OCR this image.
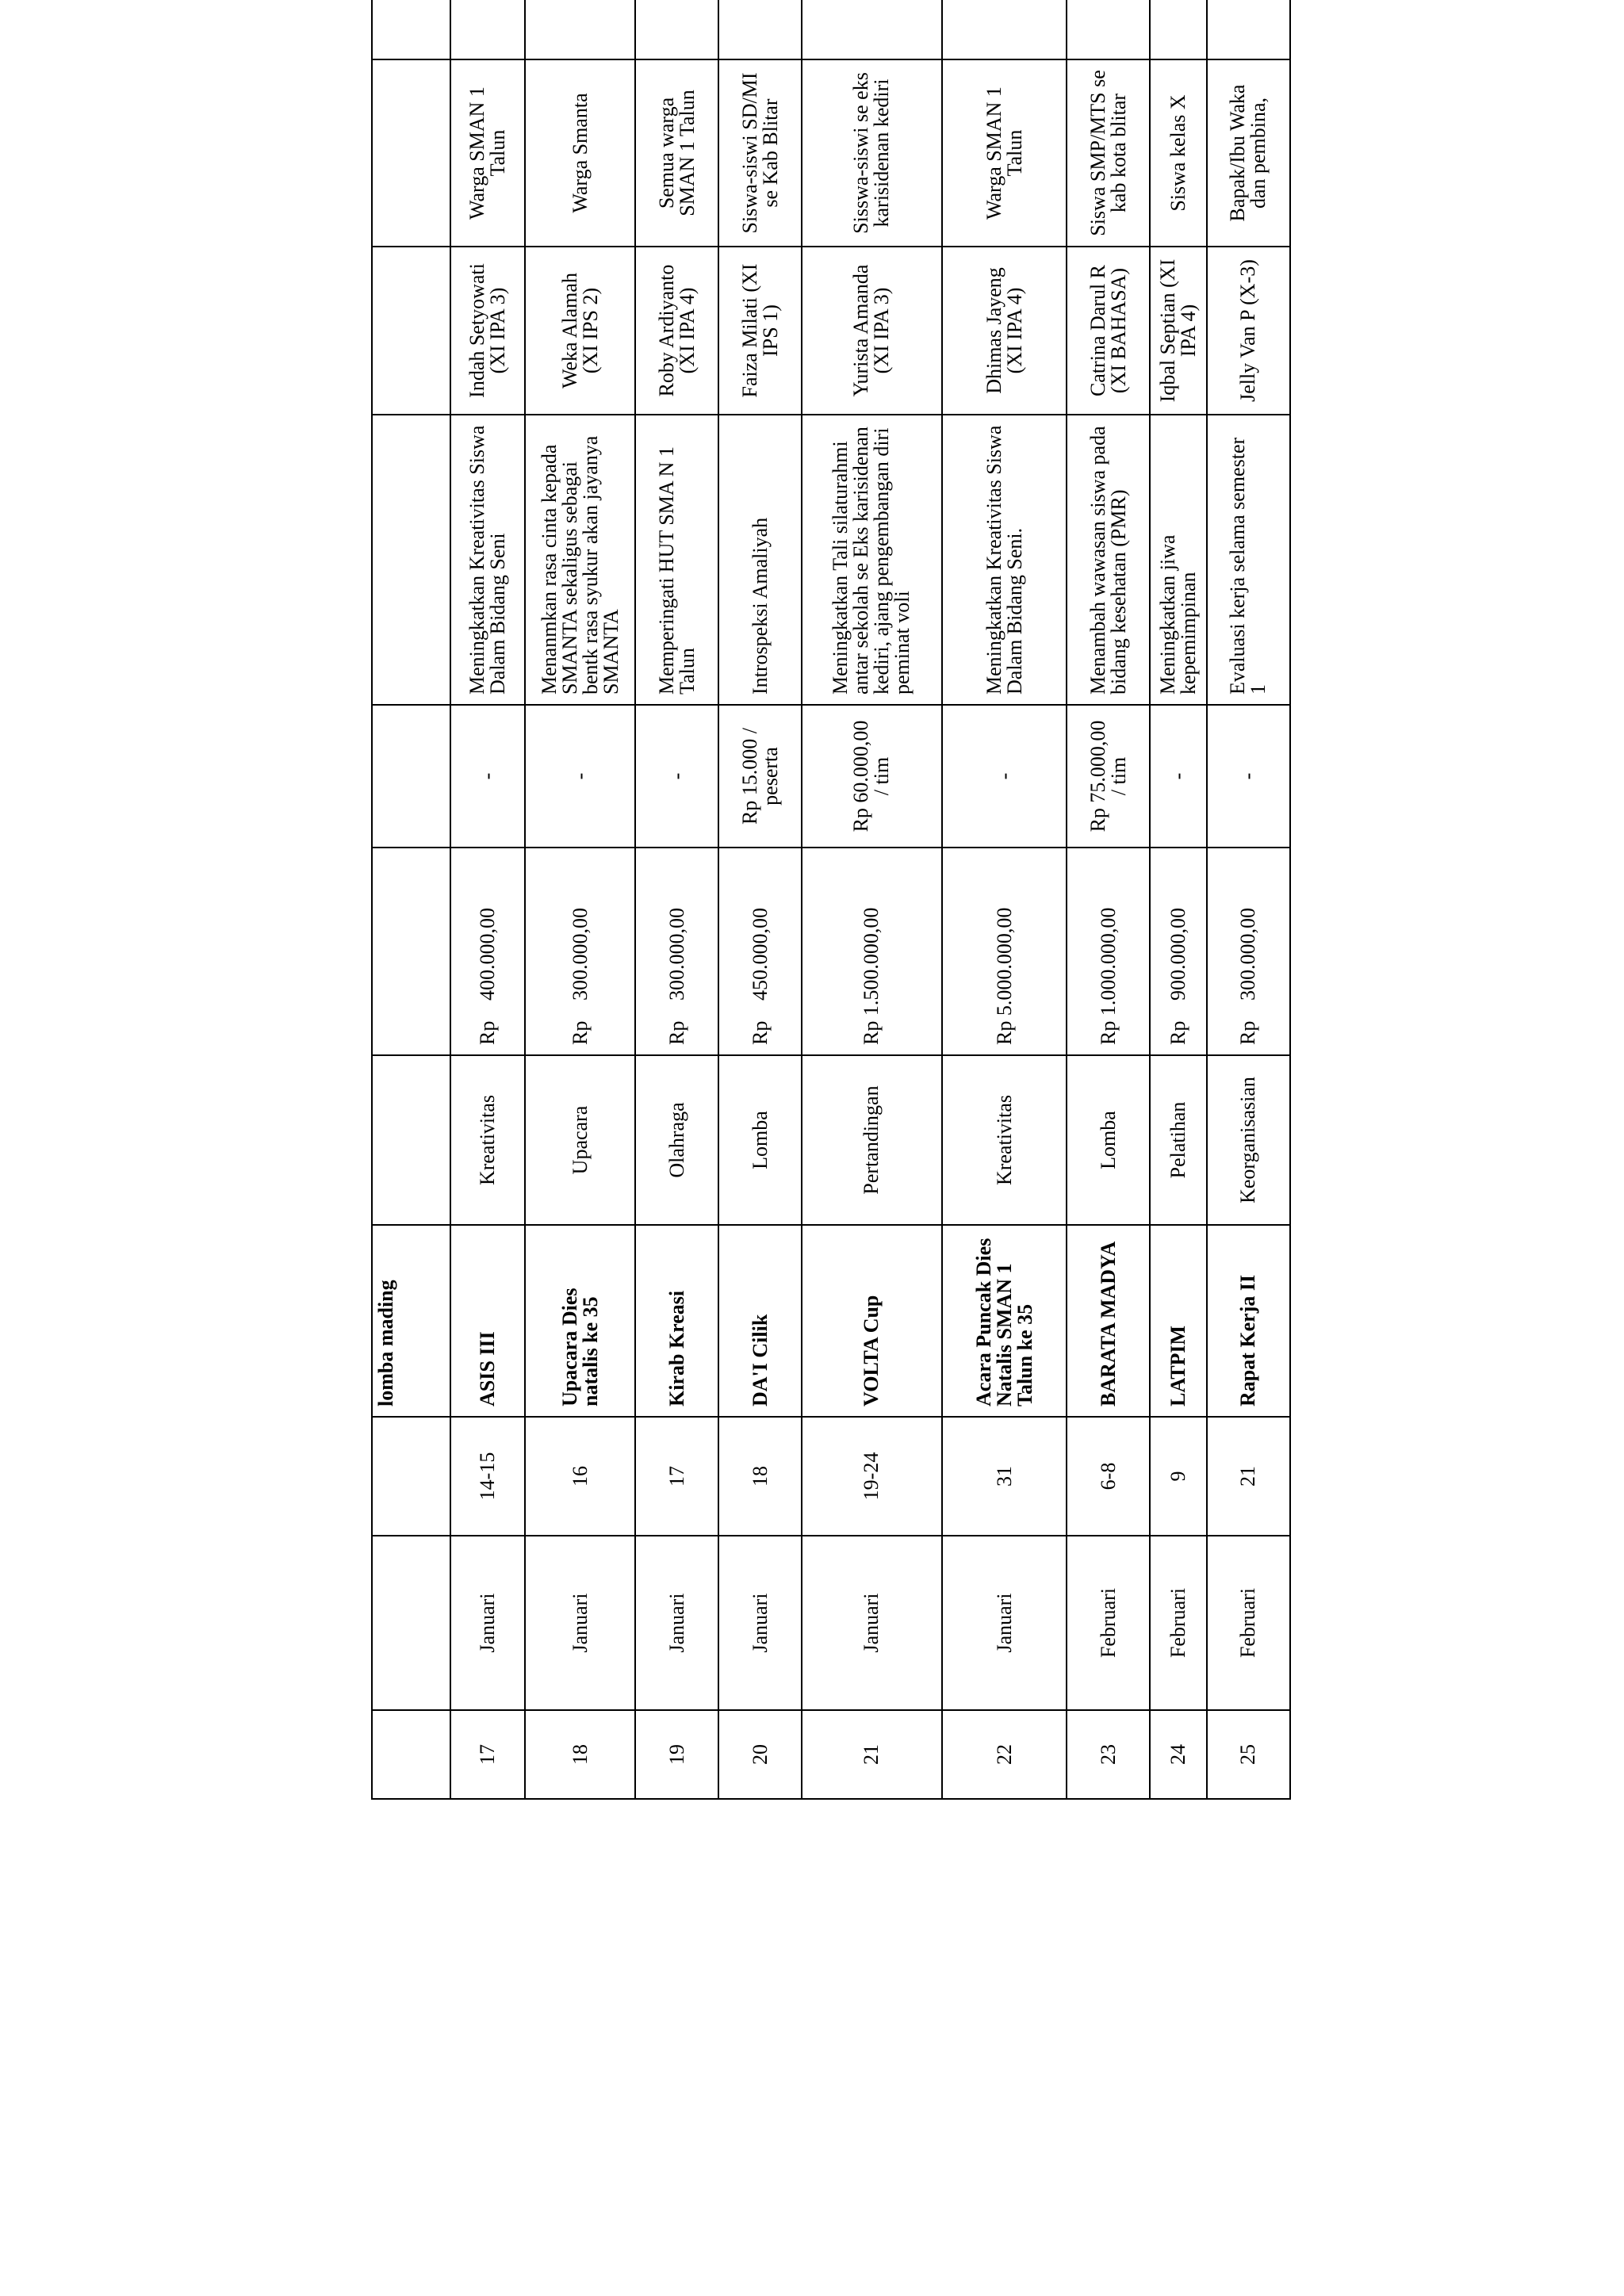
			lomba mading							
17	Januari	14-15	ASIS III	Kreativitas	Rp400.000,00	-	Meningkatkan Kreativitas Siswa Dalam Bidang Seni	Indah Setyowati (XI IPA 3)	Warga SMAN 1 Talun	
18	Januari	16	Upacara Dies natalis ke 35	Upacara	Rp300.000,00	-	Menanmkan rasa cinta kepada SMANTA sekaligus sebagai bentk rasa syukur akan jayanya SMANTA	Weka Alamah (XI IPS 2)	Warga Smanta	
19	Januari	17	Kirab Kreasi	Olahraga	Rp300.000,00	-	Memperingati HUT SMA N 1 Talun	Roby Ardiyanto (XI IPA 4)	Semua warga SMAN 1 Talun	
20	Januari	18	DA'I Cilik	Lomba	Rp450.000,00	Rp 15.000 / peserta	Introspeksi Amaliyah	Faiza Milati (XI IPS 1)	Siswa-siswi SD/MI se Kab Blitar	
21	Januari	19-24	VOLTA Cup	Pertandingan	Rp 1.500.000,00	Rp 60.000,00 / tim	Meningkatkan Tali silaturahmi antar sekolah se Eks karisidenan kediri, ajang pengembangan diri peminat voli	Yurista Amanda (XI IPA 3)	Sisswa-siswi se eks karisidenan kediri	
22	Januari	31	Acara Puncak Dies Natalis SMAN 1 Talun ke 35	Kreativitas	Rp 5.000.000,00	-	Meningkatkan Kreativitas Siswa Dalam Bidang Seni.	Dhimas Jayeng (XI IPA 4)	Warga SMAN 1 Talun	
23	Februari	6-8	BARATA MADYA	Lomba	Rp 1.000.000,00	Rp 75.000,00 / tim	Menambah wawasan siswa pada bidang kesehatan (PMR)	Catrina Darul R (XI BAHASA)	Siswa SMP/MTS se kab kota blitar	
24	Februari	9	LATPIM	Pelatihan	Rp900.000,00	-	Meningkatkan jiwa kepemimpinan	Iqbal Septian (XI IPA 4)	Siswa kelas X	
25	Februari	21	Rapat Kerja II	Keorganisasian	Rp300.000,00	-	Evaluasi kerja selama semester 1	Jelly Van P (X-3)	Bapak/Ibu Waka dan pembina,	
